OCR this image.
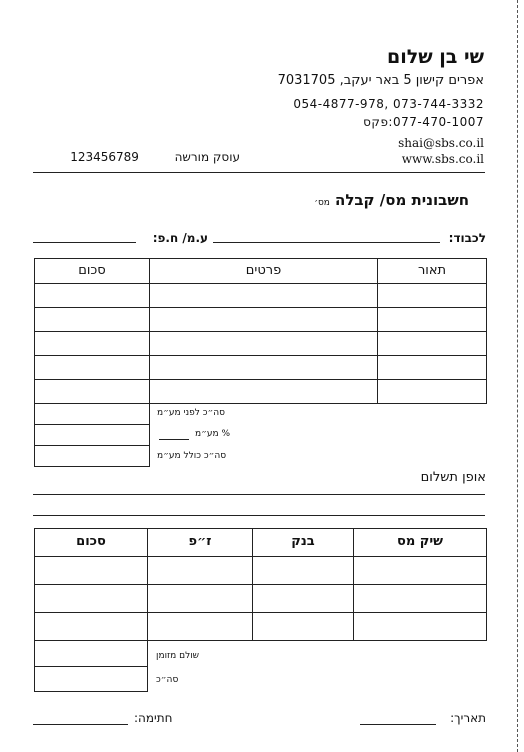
שי בן שלום
אפרים קישון 5 באר יעקב, 7031705
073-744-3332 ,054-4877-978
077-470-1007:פקס
shai@sbs.co.il
www.sbs.co.il
עוסק מורשה  123456789
חשבונית מס/ קבלה מס׳
לכבוד:
ע.מ/ ח.פ:
תאור
פרטים
סכום
סה״כ לפני מע״מ
% מע״מ
סה״כ כולל מע״מ
אופן תשלום
שיק מס
בנק
ז״פ
סכום
שולם מזומן
סה״כ
תאריך:
חתימה:
